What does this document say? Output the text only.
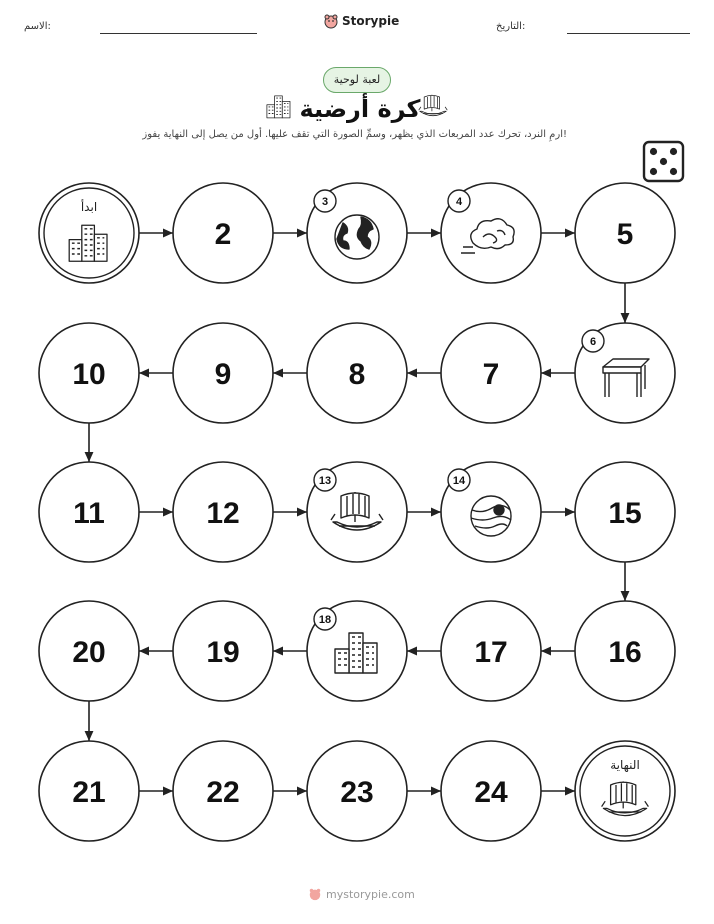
الاسم:	Storypie	التاريخ:
لعبة لوحية
كرة أرضية
ارمِ النرد، تحرك عدد المربعات الذي يظهر، وسمِّ الصورة التي تقف عليها. أول من يصل إلى النهاية يفوز!
ابدأ
2
3	4
5
6
7
8
9
10
11	12
13	14
15
16
17
18
19
20
21	22	23	24
النهاية
mystorypie.com
